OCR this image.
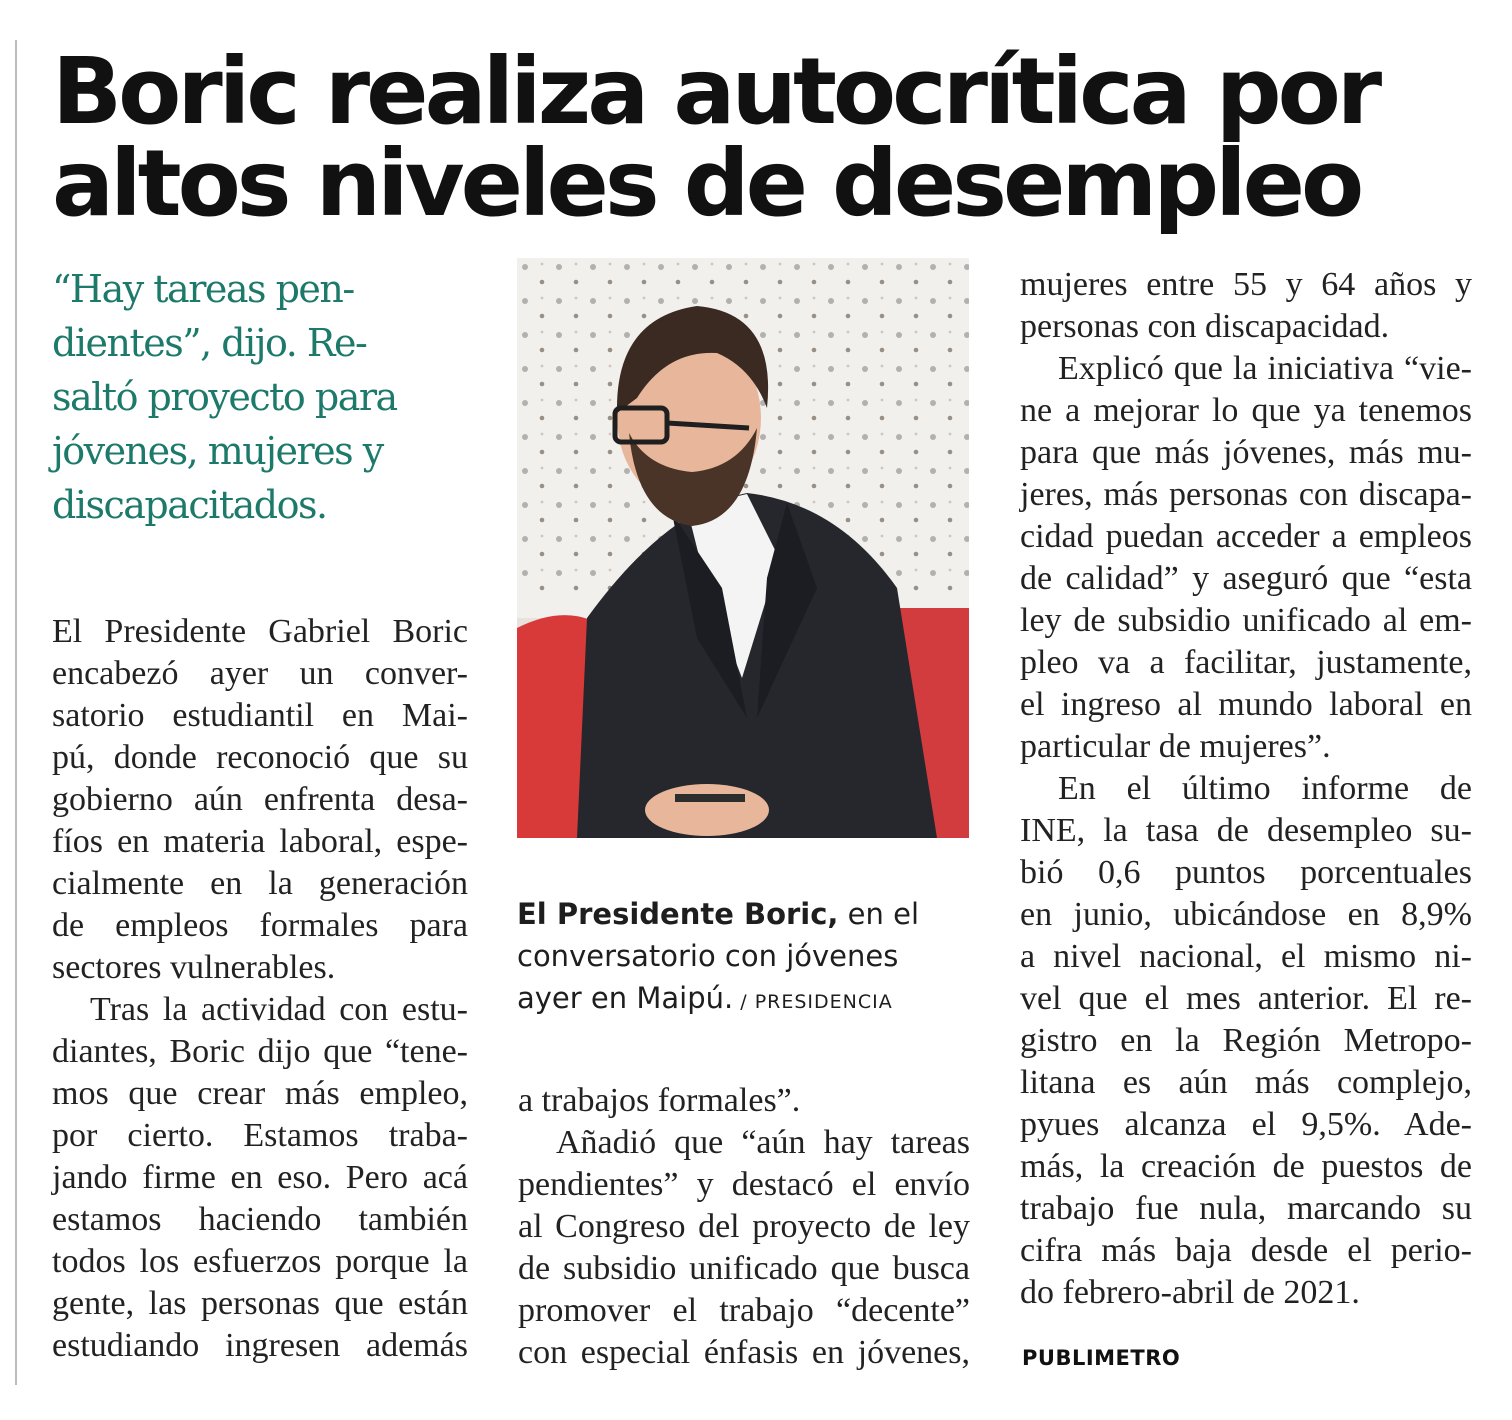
Boric realiza autocrítica por
altos niveles de desempleo

“Hay tareas pen-
dientes”, dijo. Re-
saltó proyecto para
jóvenes, mujeres y
discapacitados.

El Presidente Gabriel Boric
encabezó ayer un conver-
satorio estudiantil en Mai-
pú, donde reconoció que su
gobierno aún enfrenta desa-
fíos en materia laboral, espe-
cialmente en la generación
de empleos formales para
sectores vulnerables.
Tras la actividad con estu-
diantes, Boric dijo que “tene-
mos que crear más empleo,
por cierto. Estamos traba-
jando firme en eso. Pero acá
estamos haciendo también
todos los esfuerzos porque la
gente, las personas que están
estudiando ingresen además
El Presidente Boric, en el
conversatorio con jóvenes
ayer en Maipú. / PRESIDENCIA
a trabajos formales”.
Añadió que “aún hay tareas
pendientes” y destacó el envío
al Congreso del proyecto de ley
de subsidio unificado que busca
promover el trabajo “decente”
con especial énfasis en jóvenes,
mujeres entre 55 y 64 años y
personas con discapacidad.
Explicó que la iniciativa “vie-
ne a mejorar lo que ya tenemos
para que más jóvenes, más mu-
jeres, más personas con discapa-
cidad puedan acceder a empleos
de calidad” y aseguró que “esta
ley de subsidio unificado al em-
pleo va a facilitar, justamente,
el ingreso al mundo laboral en
particular de mujeres”.
En el último informe de
INE, la tasa de desempleo su-
bió 0,6 puntos porcentuales
en junio, ubicándose en 8,9%
a nivel nacional, el mismo ni-
vel que el mes anterior. El re-
gistro en la Región Metropo-
litana es aún más complejo,
pyues alcanza el 9,5%. Ade-
más, la creación de puestos de
trabajo fue nula, marcando su
cifra más baja desde el perio-
do febrero-abril de 2021.
PUBLIMETRO
